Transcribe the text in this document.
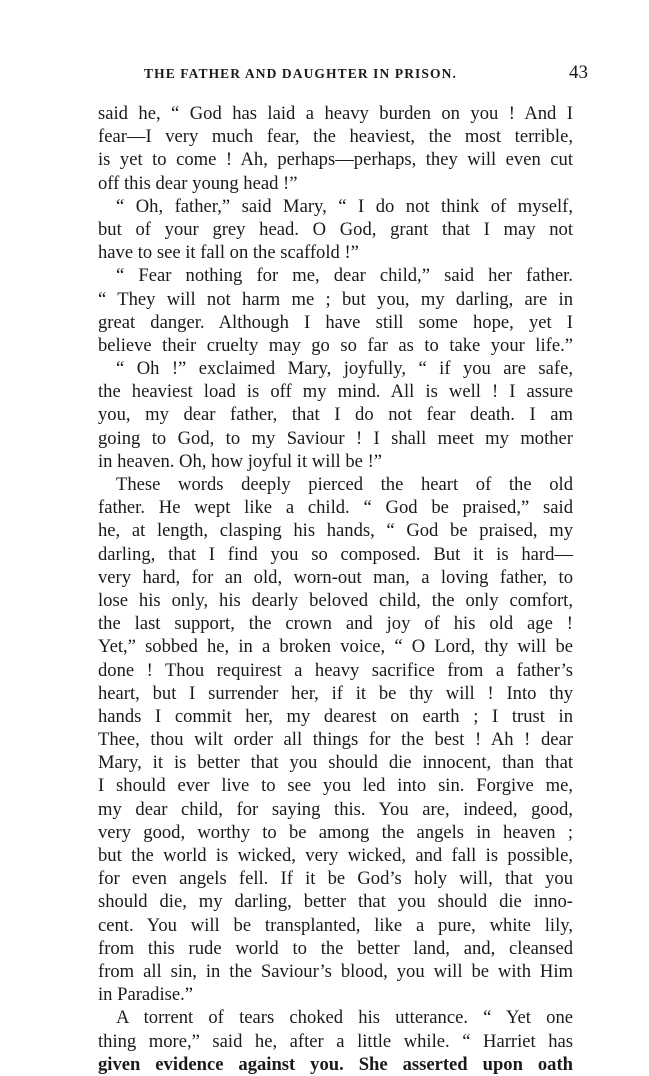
THE FATHER AND DAUGHTER IN PRISON.	43
said he, “ God has laid a heavy burden on you ! And I
fear—I very much fear, the heaviest, the most terrible,
is yet to come ! Ah, perhaps—perhaps, they will even cut
off this dear young head !”
“ Oh, father,” said Mary, “ I do not think of myself,
but of your grey head. O God, grant that I may not
have to see it fall on the scaffold !”
“ Fear nothing for me, dear child,” said her father.
“ They will not harm me ; but you, my darling, are in
great danger. Although I have still some hope, yet I
believe their cruelty may go so far as to take your life.”
“ Oh !” exclaimed Mary, joyfully, “ if you are safe,
the heaviest load is off my mind. All is well ! I assure
you, my dear father, that I do not fear death. I am
going to God, to my Saviour ! I shall meet my mother
in heaven. Oh, how joyful it will be !”
These words deeply pierced the heart of the old
father. He wept like a child. “ God be praised,” said
he, at length, clasping his hands, “ God be praised, my
darling, that I find you so composed. But it is hard—
very hard, for an old, worn-out man, a loving father, to
lose his only, his dearly beloved child, the only comfort,
the last support, the crown and joy of his old age !
Yet,” sobbed he, in a broken voice, “ O Lord, thy will be
done ! Thou requirest a heavy sacrifice from a father’s
heart, but I surrender her, if it be thy will ! Into thy
hands I commit her, my dearest on earth ; I trust in
Thee, thou wilt order all things for the best ! Ah ! dear
Mary, it is better that you should die innocent, than that
I should ever live to see you led into sin. Forgive me,
my dear child, for saying this. You are, indeed, good,
very good, worthy to be among the angels in heaven ;
but the world is wicked, very wicked, and fall is possible,
for even angels fell. If it be God’s holy will, that you
should die, my darling, better that you should die inno-
cent. You will be transplanted, like a pure, white lily,
from this rude world to the better land, and, cleansed
from all sin, in the Saviour’s blood, you will be with Him
in Paradise.”
A torrent of tears choked his utterance. “ Yet one
thing more,” said he, after a little while. “ Harriet has
given evidence against you. She asserted upon oath
